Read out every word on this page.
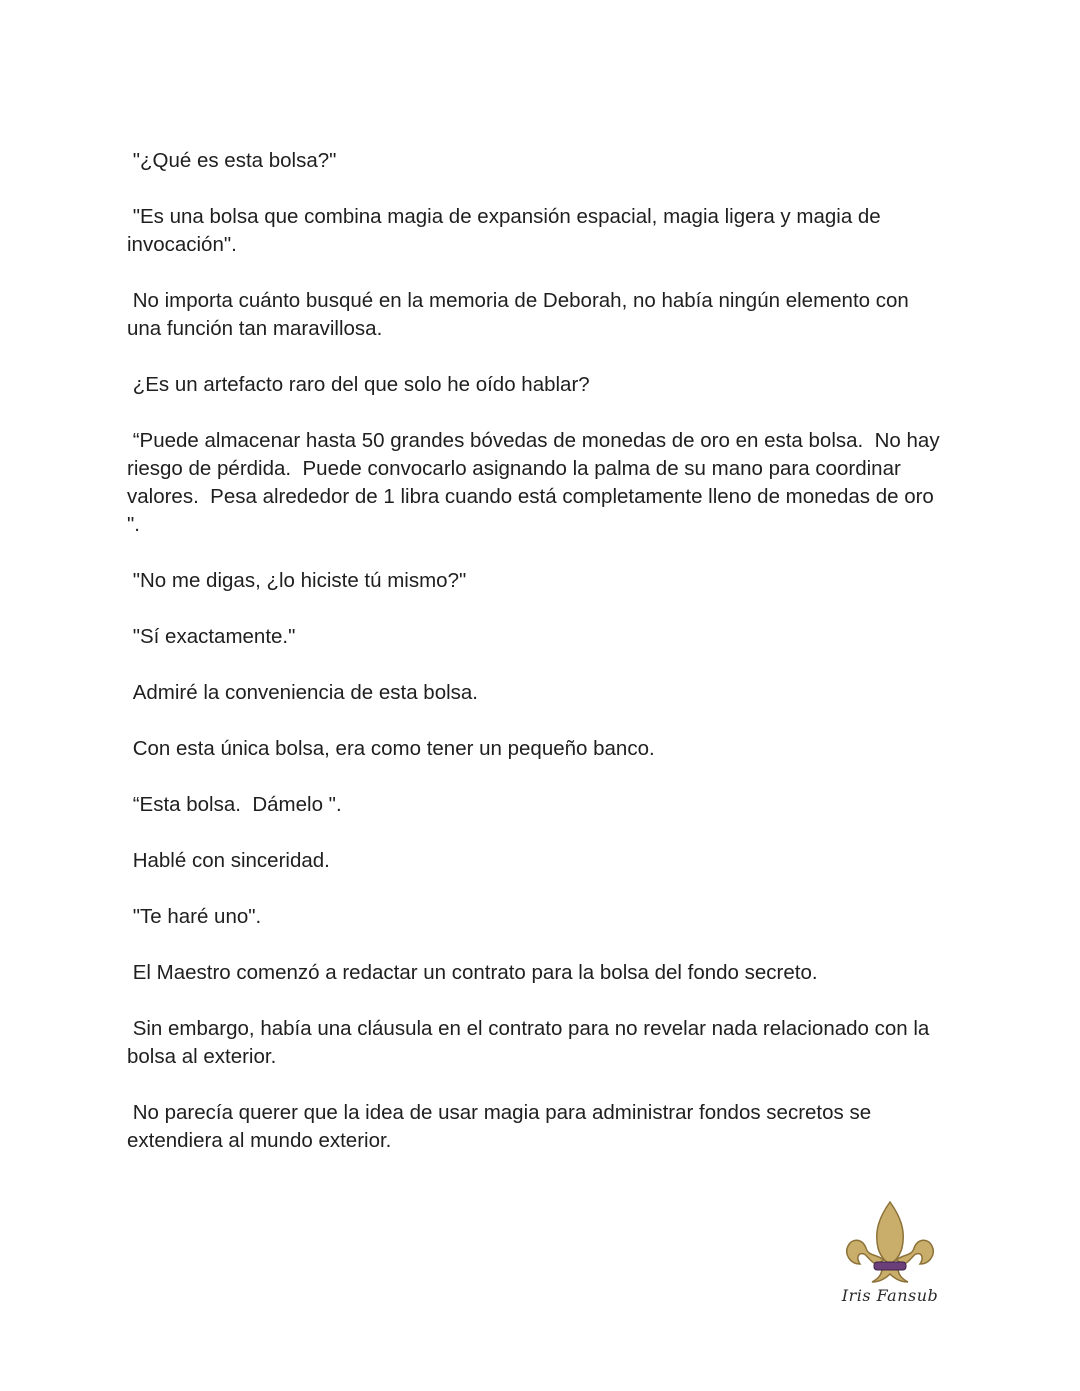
"¿Qué es esta bolsa?"

"Es una bolsa que combina magia de expansión espacial, magia ligera y magia de invocación".

No importa cuánto busqué en la memoria de Deborah, no había ningún elemento con una función tan maravillosa.

¿Es un artefacto raro del que solo he oído hablar?

“Puede almacenar hasta 50 grandes bóvedas de monedas de oro en esta bolsa.  No hay riesgo de pérdida.  Puede convocarlo asignando la palma de su mano para coordinar valores.  Pesa alrededor de 1 libra cuando está completamente lleno de monedas de oro ".

"No me digas, ¿lo hiciste tú mismo?"

"Sí exactamente."

Admiré la conveniencia de esta bolsa.

Con esta única bolsa, era como tener un pequeño banco.

“Esta bolsa.  Dámelo ".

Hablé con sinceridad.

"Te haré uno".

El Maestro comenzó a redactar un contrato para la bolsa del fondo secreto.

Sin embargo, había una cláusula en el contrato para no revelar nada relacionado con la bolsa al exterior.

No parecía querer que la idea de usar magia para administrar fondos secretos se extendiera al mundo exterior.

Iris Fansub
